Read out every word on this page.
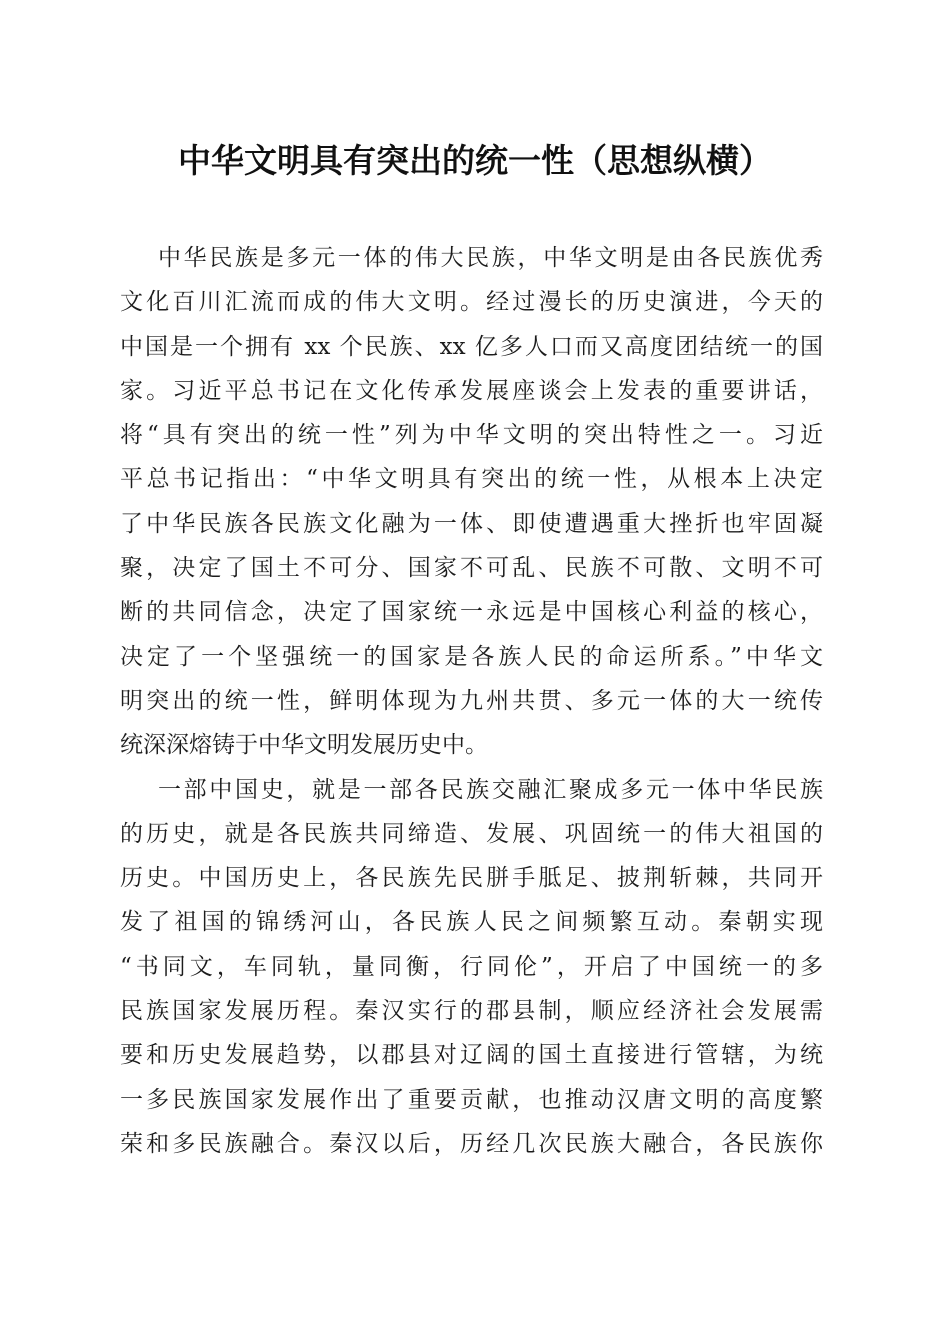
中华文明具有突出的统一性（思想纵横）
中华民族是多元一体的伟大民族，中华文明是由各民族优秀
文化百川汇流而成的伟大文明。经过漫长的历史演进，今天的
中国是一个拥有 xx 个民族、xx 亿多人口而又高度团结统一的国
家。习近平总书记在文化传承发展座谈会上发表的重要讲话，
将“具有突出的统一性”列为中华文明的突出特性之一。习近
平总书记指出：“中华文明具有突出的统一性，从根本上决定
了中华民族各民族文化融为一体、即使遭遇重大挫折也牢固凝
聚，决定了国土不可分、国家不可乱、民族不可散、文明不可
断的共同信念，决定了国家统一永远是中国核心利益的核心，
决定了一个坚强统一的国家是各族人民的命运所系。”中华文
明突出的统一性，鲜明体现为九州共贯、多元一体的大一统传
统深深熔铸于中华文明发展历史中。
一部中国史，就是一部各民族交融汇聚成多元一体中华民族
的历史，就是各民族共同缔造、发展、巩固统一的伟大祖国的
历史。中国历史上，各民族先民胼手胝足、披荆斩棘，共同开
发了祖国的锦绣河山，各民族人民之间频繁互动。秦朝实现
“书同文，车同轨，量同衡，行同伦”，开启了中国统一的多
民族国家发展历程。秦汉实行的郡县制，顺应经济社会发展需
要和历史发展趋势，以郡县对辽阔的国土直接进行管辖，为统
一多民族国家发展作出了重要贡献，也推动汉唐文明的高度繁
荣和多民族融合。秦汉以后，历经几次民族大融合，各民族你
